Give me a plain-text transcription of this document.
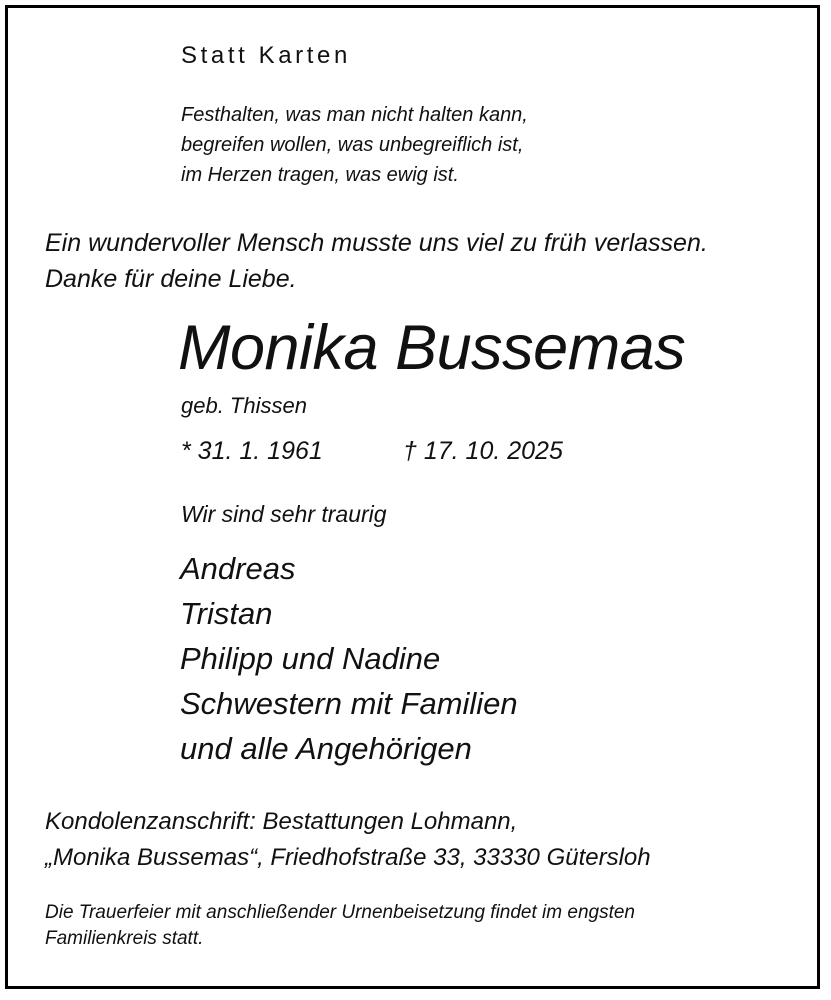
Statt Karten
Festhalten, was man nicht halten kann,
begreifen wollen, was unbegreiflich ist,
im Herzen tragen, was ewig ist.
Ein wundervoller Mensch musste uns viel zu früh verlassen.
Danke für deine Liebe.
Monika Bussemas
geb. Thissen
* 31. 1. 1961	† 17. 10. 2025
Wir sind sehr traurig
Andreas
Tristan
Philipp und Nadine
Schwestern mit Familien
und alle Angehörigen
Kondolenzanschrift: Bestattungen Lohmann,
„Monika Bussemas“, Friedhofstraße 33, 33330 Gütersloh
Die Trauerfeier mit anschließender Urnenbeisetzung findet im engsten
Familienkreis statt.
